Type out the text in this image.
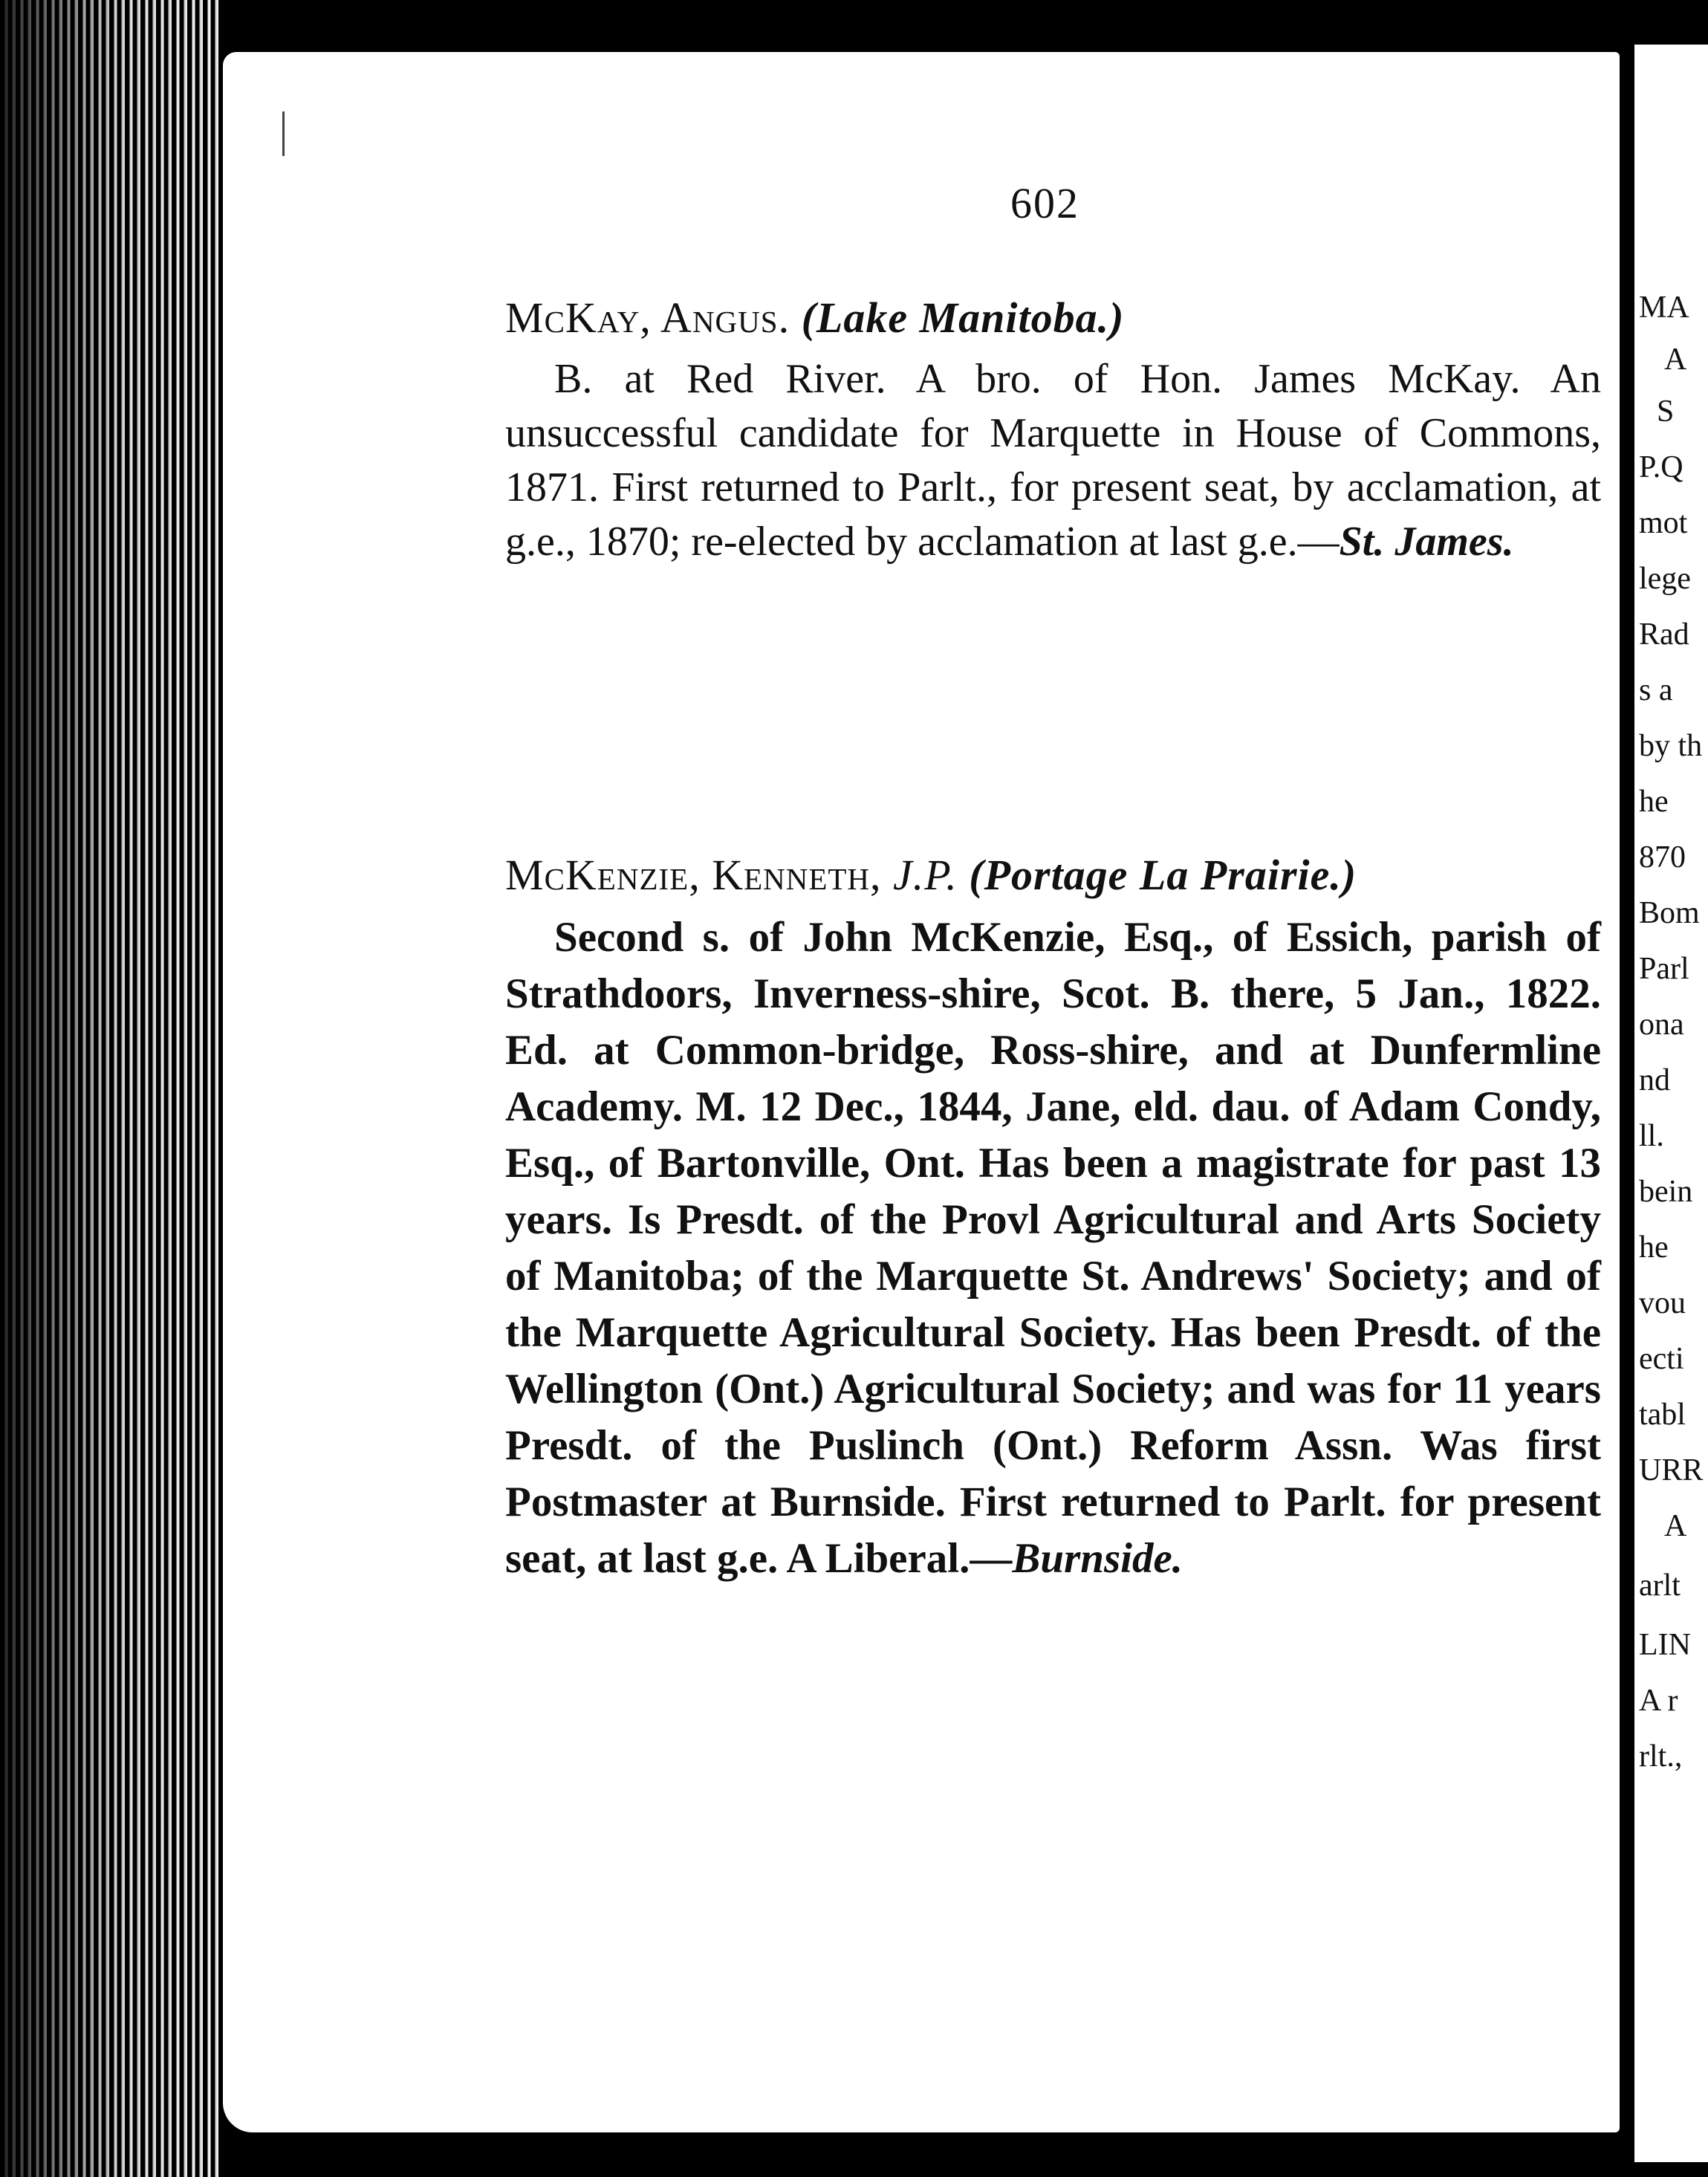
602
McKay, Angus. (Lake Manitoba.)
B. at Red River. A bro. of Hon. James McKay. An unsuccessful candidate for Marquette in House of Commons, 1871. First returned to Parlt., for present seat, by acclamation, at g.e., 1870; re-elected by acclamation at last g.e.—St. James.
McKenzie, Kenneth, J.P. (Portage La Prairie.)
Second s. of John McKenzie, Esq., of Essich, parish of Strathdoors, Inverness-shire, Scot. B. there, 5 Jan., 1822. Ed. at Common-bridge, Ross-shire, and at Dunfermline Academy. M. 12 Dec., 1844, Jane, eld. dau. of Adam Condy, Esq., of Bartonville, Ont. Has been a magistrate for past 13 years. Is Presdt. of the Provl Agricultural and Arts Society of Manitoba; of the Marquette St. Andrews' Society; and of the Marquette Agricultural Society. Has been Presdt. of the Wellington (Ont.) Agricultural Society; and was for 11 years Presdt. of the Puslinch (Ont.) Reform Assn. Was first Postmaster at Burnside. First returned to Parlt. for present seat, at last g.e. A Liberal.—Burnside.
MA
A
S
P.Q
mot
lege
Rad
s a
by th
he
870
Bom
Parl
ona
nd
ll.
bein
he
vou
ecti
tabl
URR
A
arlt
LIN
A r
rlt.,
